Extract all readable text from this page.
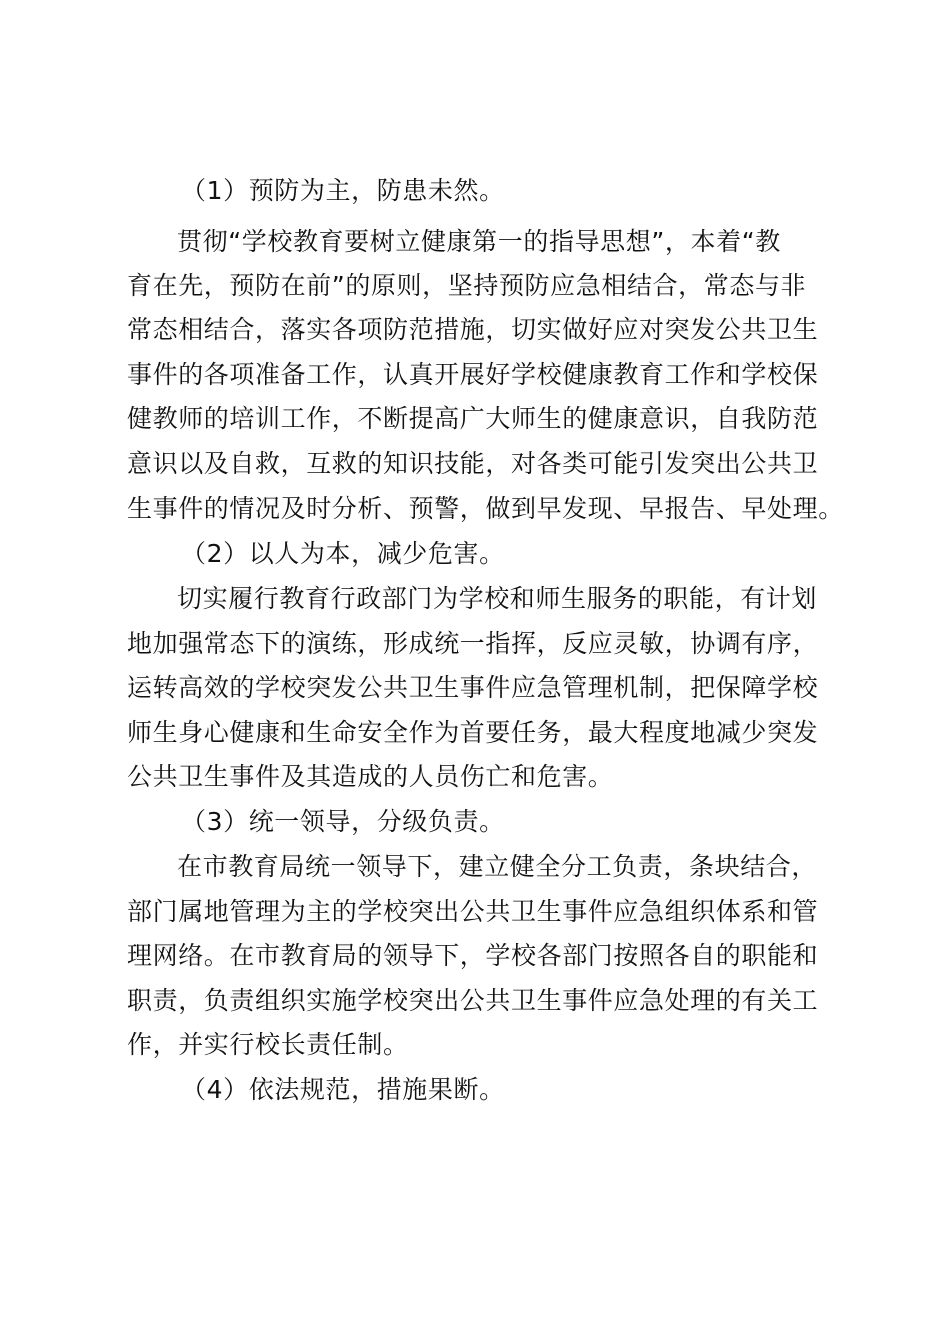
（1）预防为主，防患未然。
贯彻“学校教育要树立健康第一的指导思想”，本着“教
育在先，预防在前”的原则，坚持预防应急相结合，常态与非
常态相结合，落实各项防范措施，切实做好应对突发公共卫生
事件的各项准备工作，认真开展好学校健康教育工作和学校保
健教师的培训工作，不断提高广大师生的健康意识，自我防范
意识以及自救，互救的知识技能，对各类可能引发突出公共卫
生事件的情况及时分析、预警，做到早发现、早报告、早处理。
（2）以人为本，减少危害。
切实履行教育行政部门为学校和师生服务的职能，有计划
地加强常态下的演练，形成统一指挥，反应灵敏，协调有序，
运转高效的学校突发公共卫生事件应急管理机制，把保障学校
师生身心健康和生命安全作为首要任务，最大程度地减少突发
公共卫生事件及其造成的人员伤亡和危害。
（3）统一领导，分级负责。
在市教育局统一领导下，建立健全分工负责，条块结合，
部门属地管理为主的学校突出公共卫生事件应急组织体系和管
理网络。在市教育局的领导下，学校各部门按照各自的职能和
职责，负责组织实施学校突出公共卫生事件应急处理的有关工
作，并实行校长责任制。
（4）依法规范，措施果断。
